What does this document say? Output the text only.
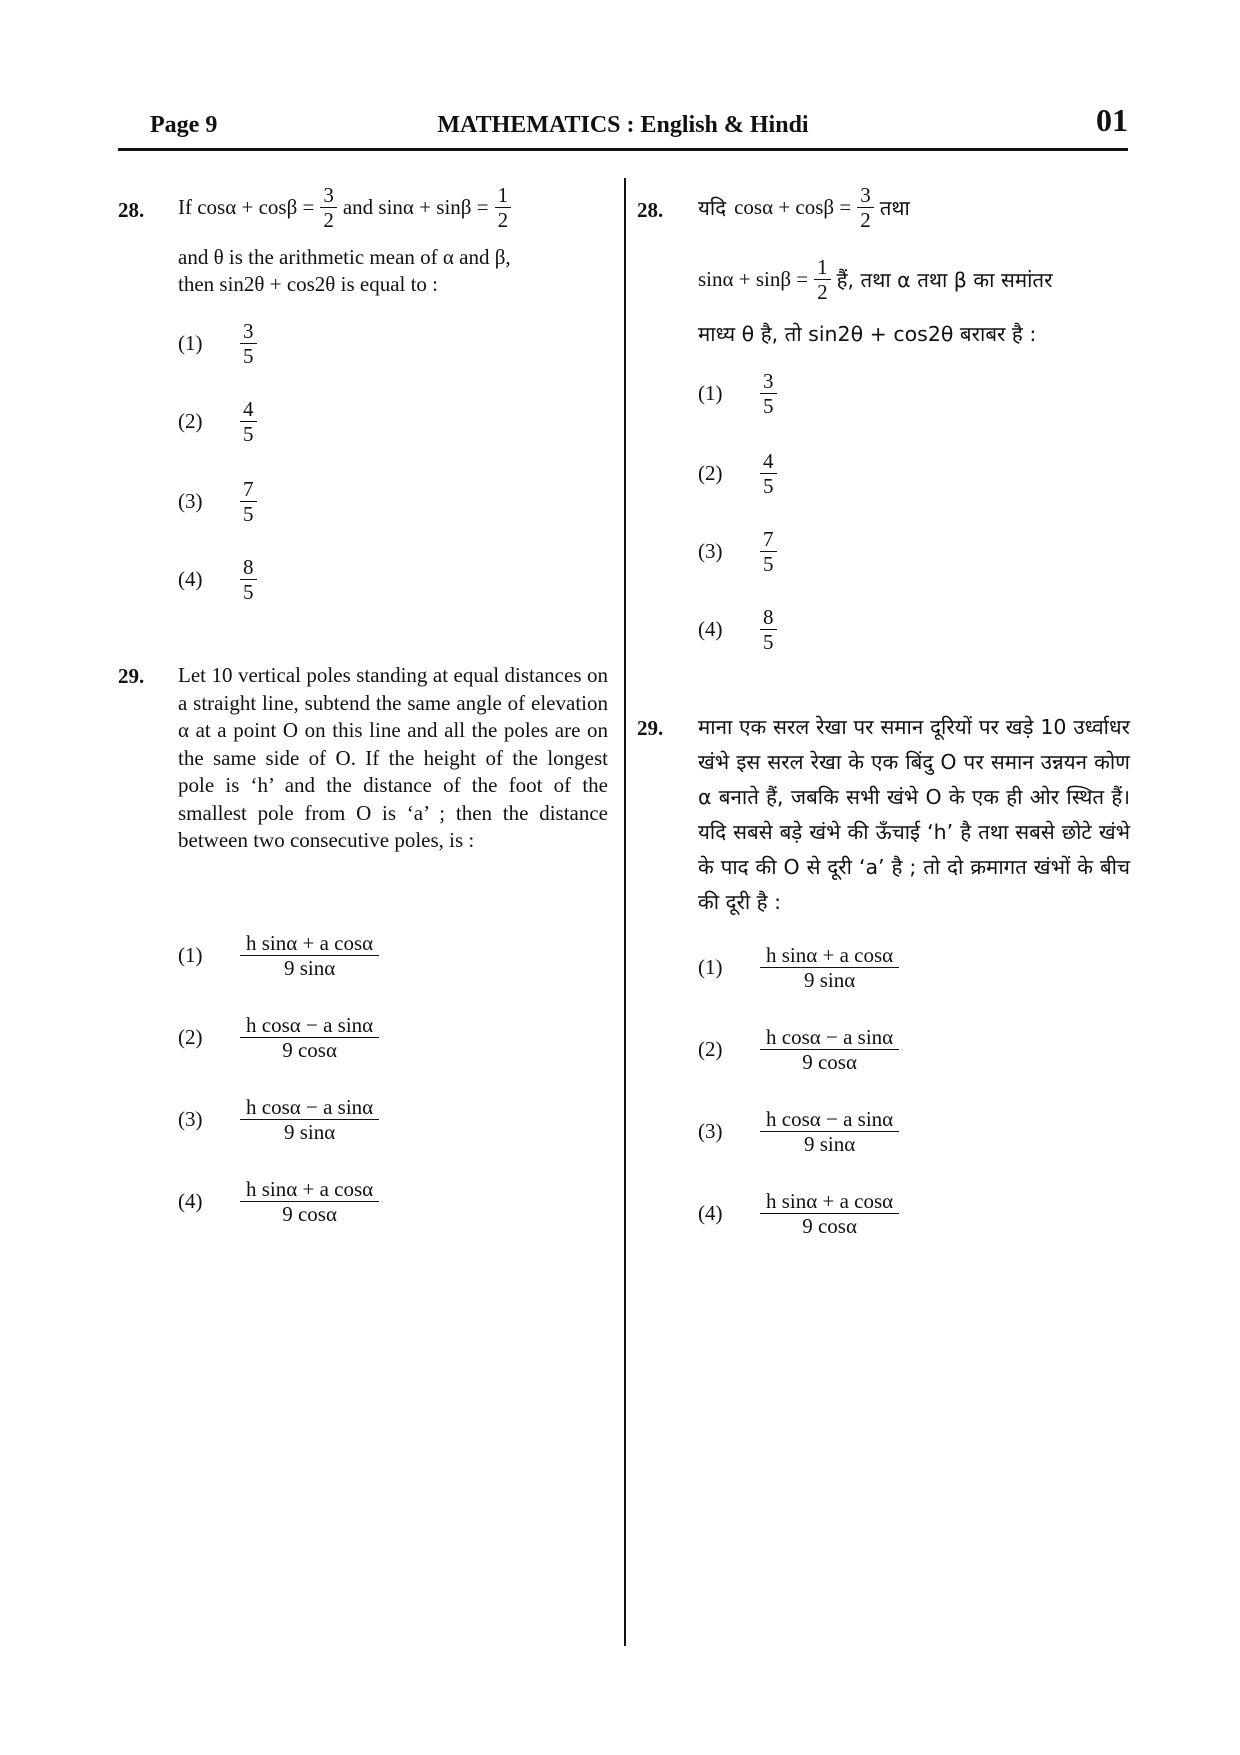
Page 9	MATHEMATICS : English & Hindi	01
28. If $\cos\alpha + \cos\beta = \frac{3}{2}$ and $\sin\alpha + \sin\beta = \frac{1}{2}$
and θ is the arithmetic mean of α and β,
then sin2θ + cos2θ is equal to :
(1)	$\frac{3}{5}$
(2)	$\frac{4}{5}$
(3)	$\frac{7}{5}$
(4)	$\frac{8}{5}$
29. Let 10 vertical poles standing at equal distances on a straight line, subtend the same angle of elevation α at a point O on this line and all the poles are on the same side of O. If the height of the longest pole is ‘h’ and the distance of the foot of the smallest pole from O is ‘a’ ; then the distance between two consecutive poles, is :
(1)	$\frac{\text{h sinα + a cosα}}{9 \sin\alpha}$
(2)	$\frac{\text{h cosα − a sinα}}{9 \cos\alpha}$
(3)	$\frac{\text{h cosα − a sinα}}{9 \sin\alpha}$
(4)	$\frac{\text{h sinα + a cosα}}{9 \cos\alpha}$
28. यदि $\cos\alpha + \cos\beta = \frac{3}{2}$ तथा
$\sin\alpha + \sin\beta = \frac{1}{2}$ हैं, तथा α तथा β का समांतर
माध्य θ है, तो sin2θ + cos2θ बराबर है :
(1)	$\frac{3}{5}$
(2)	$\frac{4}{5}$
(3)	$\frac{7}{5}$
(4)	$\frac{8}{5}$
29. माना एक सरल रेखा पर समान दूरियों पर खड़े 10 उर्ध्वाधर खंभे इस सरल रेखा के एक बिंदु O पर समान उन्नयन कोण α बनाते हैं, जबकि सभी खंभे O के एक ही ओर स्थित हैं। यदि सबसे बड़े खंभे की ऊँचाई ‘h’ है तथा सबसे छोटे खंभे के पाद की O से दूरी ‘a’ है ; तो दो क्रमागत खंभों के बीच की दूरी है :
(1)	$\frac{\text{h sinα + a cosα}}{9 \sin\alpha}$
(2)	$\frac{\text{h cosα − a sinα}}{9 \cos\alpha}$
(3)	$\frac{\text{h cosα − a sinα}}{9 \sin\alpha}$
(4)	$\frac{\text{h sinα + a cosα}}{9 \cos\alpha}$
